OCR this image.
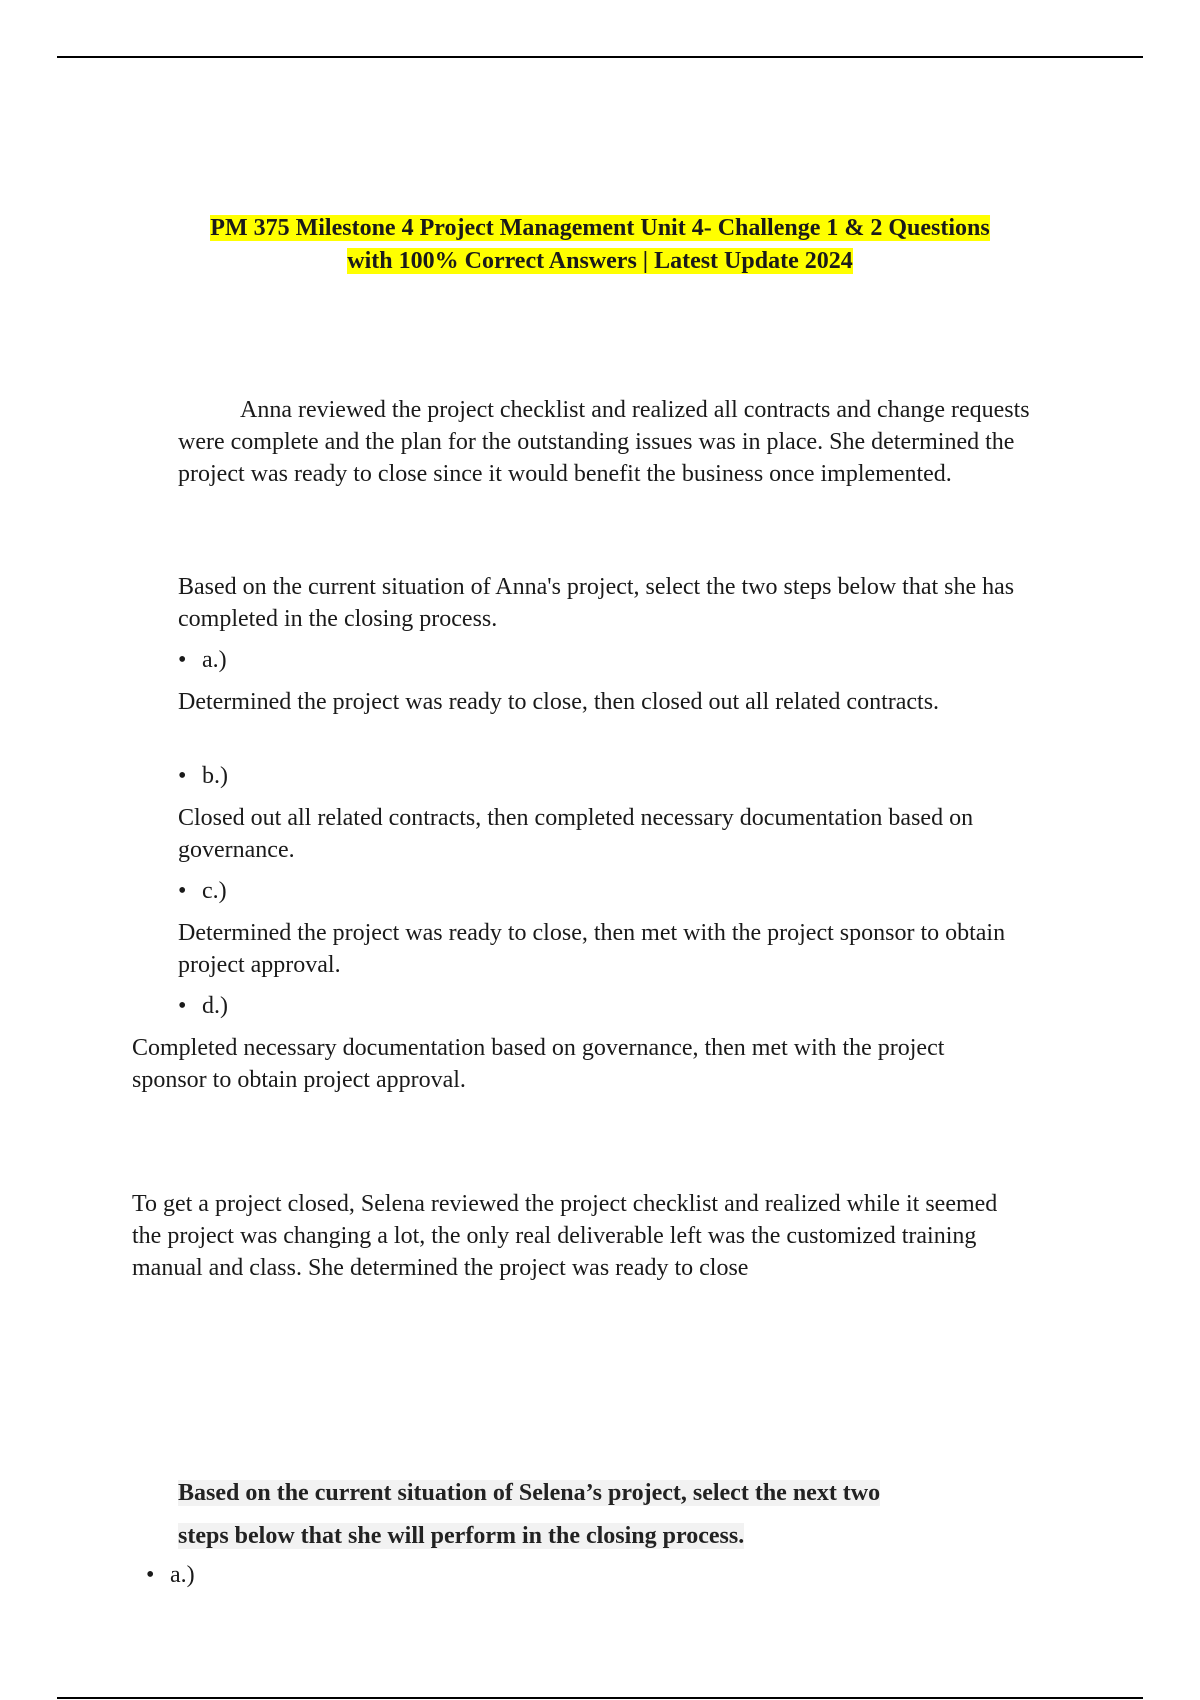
PM 375 Milestone 4 Project Management Unit 4- Challenge 1 & 2 Questions
with 100% Correct Answers | Latest Update 2024

Anna reviewed the project checklist and realized all contracts and change requests were complete and the plan for the outstanding issues was in place. She determined the project was ready to close since it would benefit the business once implemented.

Based on the current situation of Anna's project, select the two steps below that she has completed in the closing process.

• a.)

Determined the project was ready to close, then closed out all related contracts.

• b.)

Closed out all related contracts, then completed necessary documentation based on governance.

• c.)

Determined the project was ready to close, then met with the project sponsor to obtain project approval.

• d.)

Completed necessary documentation based on governance, then met with the project sponsor to obtain project approval.

To get a project closed, Selena reviewed the project checklist and realized while it seemed the project was changing a lot, the only real deliverable left was the customized training manual and class. She determined the project was ready to close

Based on the current situation of Selena’s project, select the next two
steps below that she will perform in the closing process.
• a.)
